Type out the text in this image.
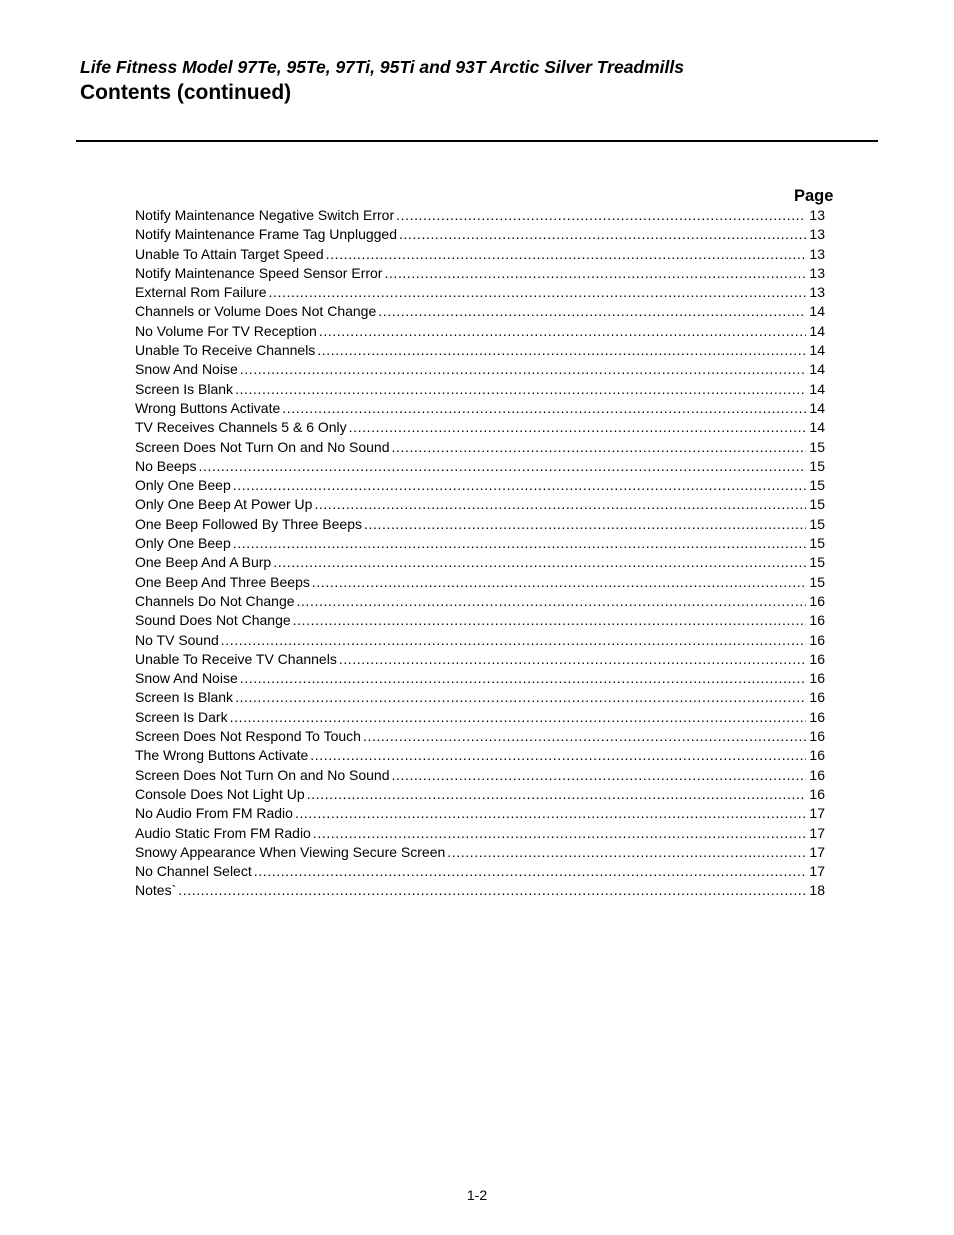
Life Fitness Model 97Te, 95Te, 97Ti, 95Ti and 93T Arctic Silver Treadmills
Contents (continued)
Page
Notify Maintenance Negative Switch Error .....	13
Notify Maintenance Frame Tag Unplugged .....	13
Unable To Attain Target Speed .....	13
Notify Maintenance Speed Sensor Error .....	13
External Rom Failure .....	13
Channels or Volume Does Not Change .....	14
No Volume For TV Reception .....	14
Unable To Receive Channels .....	14
Snow And Noise .....	14
Screen Is Blank .....	14
Wrong Buttons Activate .....	14
TV Receives Channels 5 & 6 Only .....	14
Screen Does Not Turn On and No Sound .....	15
No Beeps .....	15
Only One Beep .....	15
Only One Beep At Power Up .....	15
One Beep Followed By Three Beeps .....	15
Only One Beep .....	15
One Beep And A Burp .....	15
One Beep And Three Beeps .....	15
Channels Do Not Change .....	16
Sound Does Not Change .....	16
No TV Sound .....	16
Unable To Receive TV Channels .....	16
Snow And Noise .....	16
Screen Is Blank .....	16
Screen Is Dark .....	16
Screen Does Not Respond To Touch .....	16
The Wrong Buttons Activate .....	16
Screen Does Not Turn On and No Sound .....	16
Console Does Not Light Up .....	16
No Audio From FM Radio .....	17
Audio Static From FM Radio .....	17
Snowy Appearance When Viewing Secure Screen .....	17
No Channel Select .....	17
Notes` .....	18
1-2
